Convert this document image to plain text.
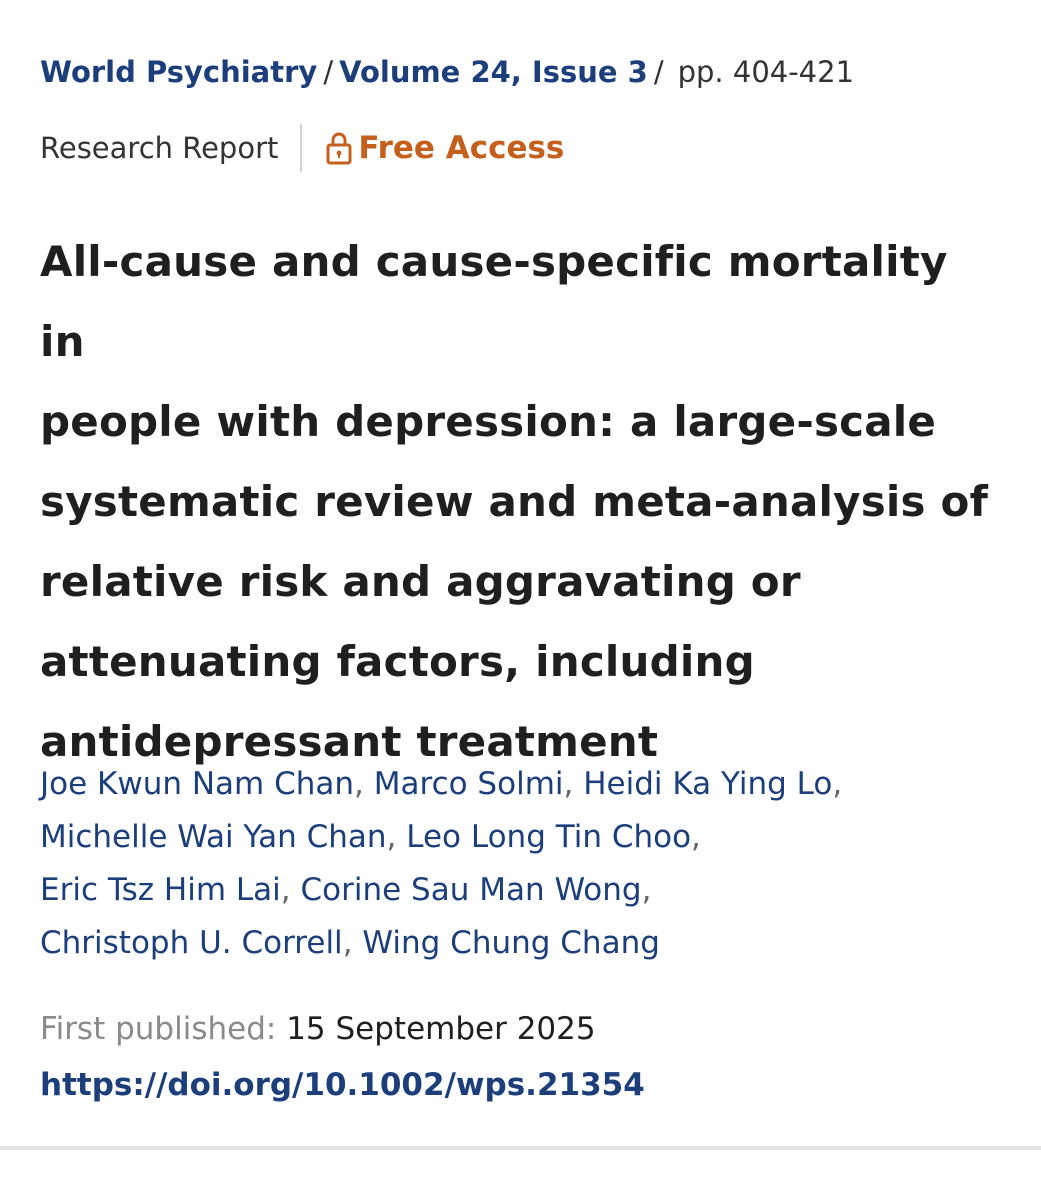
World Psychiatry / Volume 24, Issue 3 / pp. 404-421
Research Report	Free Access
All-cause and cause-specific mortality in
people with depression: a large-scale
systematic review and meta-analysis of
relative risk and aggravating or
attenuating factors, including
antidepressant treatment
Joe Kwun Nam Chan, Marco Solmi, Heidi Ka Ying Lo,
Michelle Wai Yan Chan, Leo Long Tin Choo,
Eric Tsz Him Lai, Corine Sau Man Wong,
Christoph U. Correll, Wing Chung Chang
First published: 15 September 2025
https://doi.org/10.1002/wps.21354
